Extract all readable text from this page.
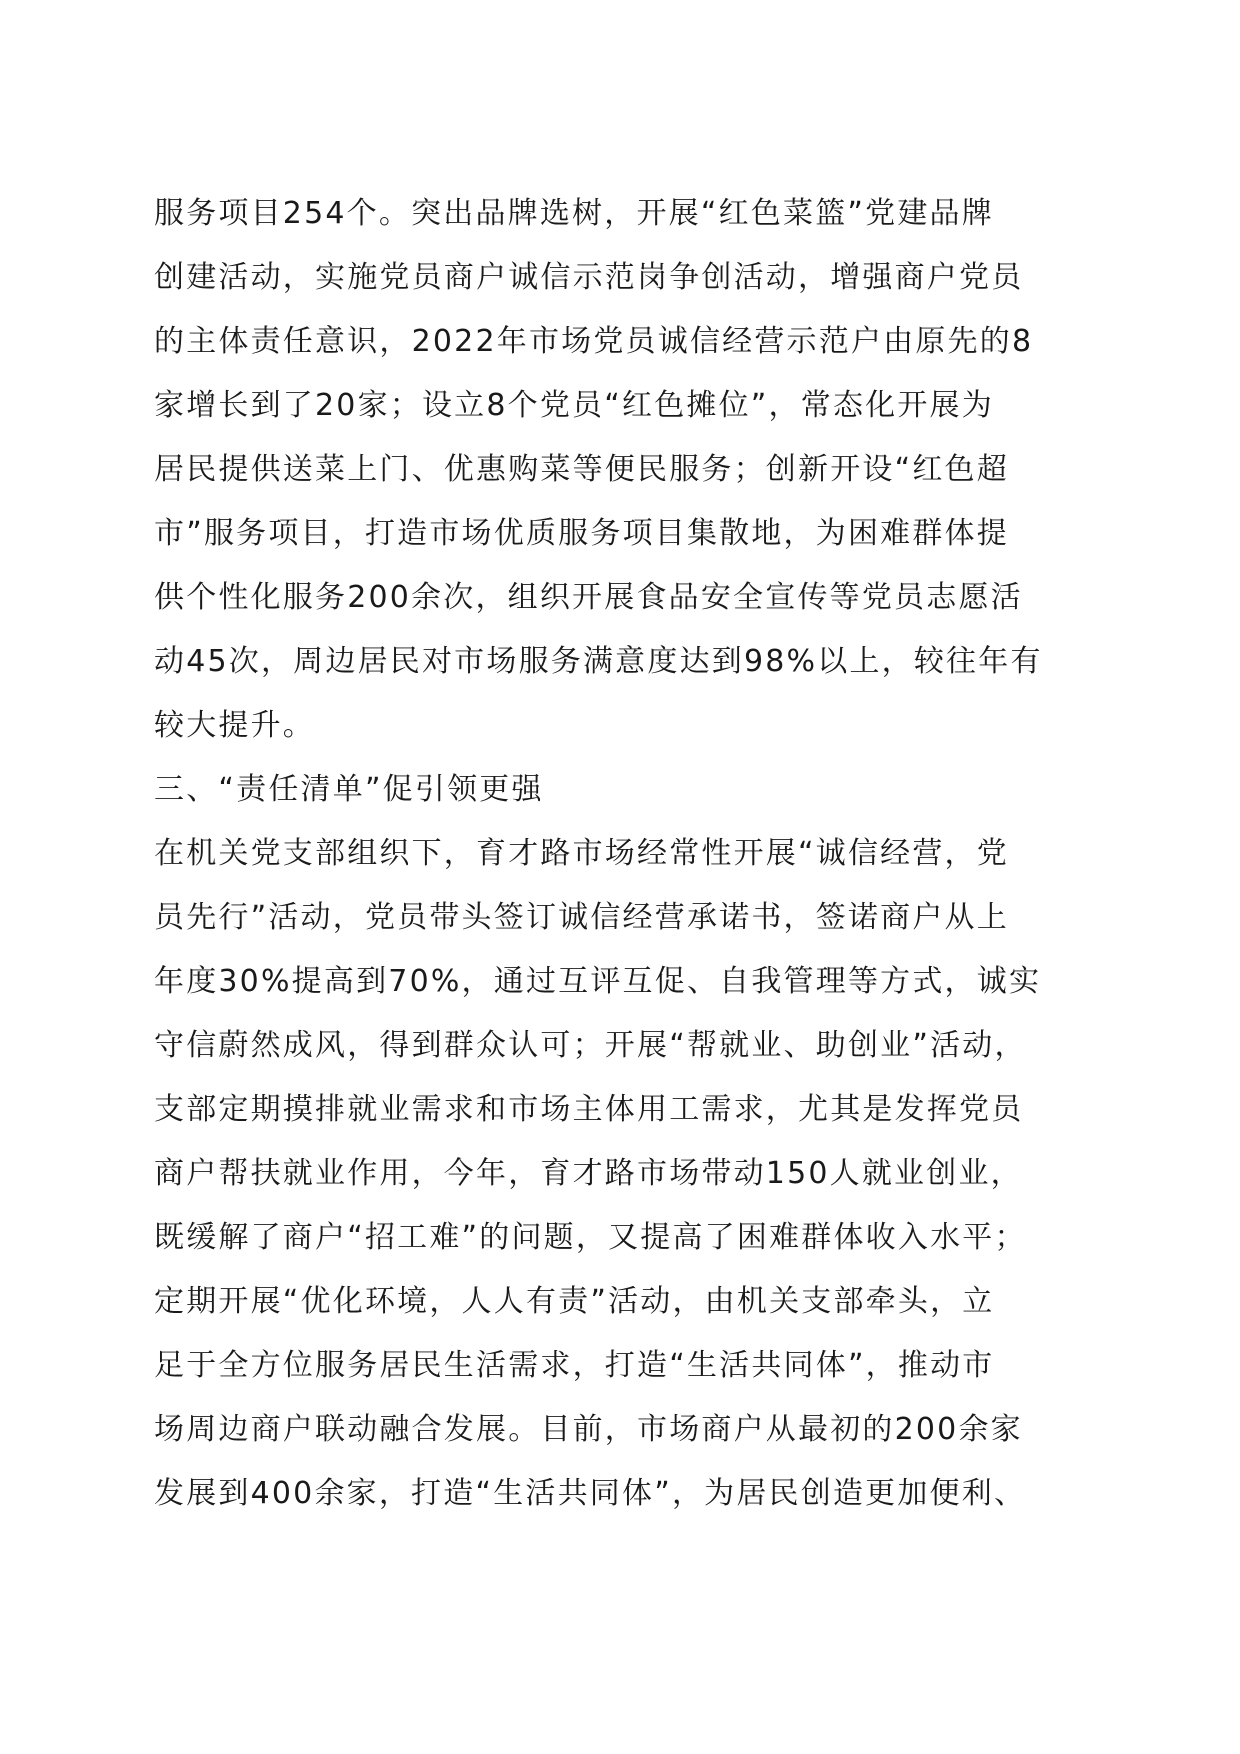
服务项目254个。突出品牌选树，开展“红色菜篮”党建品牌
创建活动，实施党员商户诚信示范岗争创活动，增强商户党员
的主体责任意识，2022年市场党员诚信经营示范户由原先的8
家增长到了20家；设立8个党员“红色摊位”，常态化开展为
居民提供送菜上门、优惠购菜等便民服务；创新开设“红色超
市”服务项目，打造市场优质服务项目集散地，为困难群体提
供个性化服务200余次，组织开展食品安全宣传等党员志愿活
动45次，周边居民对市场服务满意度达到98%以上，较往年有
较大提升。
三、“责任清单”促引领更强
在机关党支部组织下，育才路市场经常性开展“诚信经营，党
员先行”活动，党员带头签订诚信经营承诺书，签诺商户从上
年度30%提高到70%，通过互评互促、自我管理等方式，诚实
守信蔚然成风，得到群众认可；开展“帮就业、助创业”活动，
支部定期摸排就业需求和市场主体用工需求，尤其是发挥党员
商户帮扶就业作用，今年，育才路市场带动150人就业创业，
既缓解了商户“招工难”的问题，又提高了困难群体收入水平；
定期开展“优化环境，人人有责”活动，由机关支部牵头，立
足于全方位服务居民生活需求，打造“生活共同体”，推动市
场周边商户联动融合发展。目前，市场商户从最初的200余家
发展到400余家，打造“生活共同体”，为居民创造更加便利、
